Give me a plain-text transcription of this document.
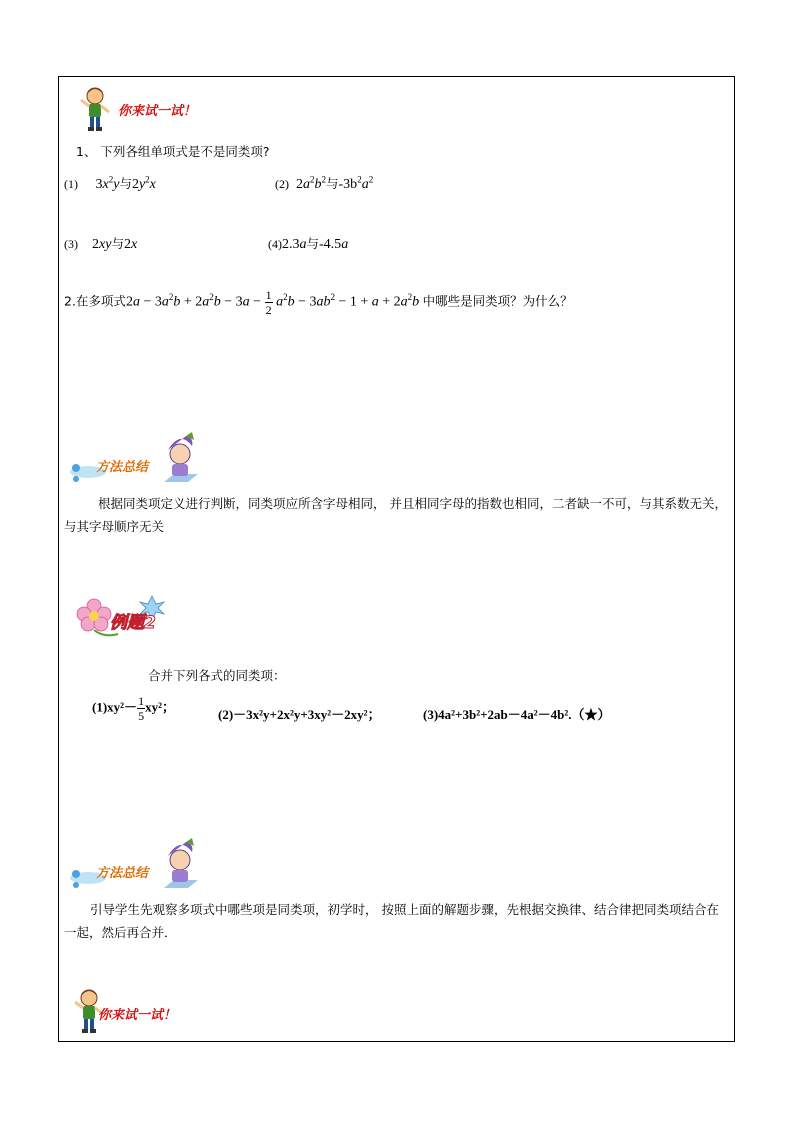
你来试一试！
1、 下列各组单项式是不是同类项?
(1)     $3x^2y$与$2y^2x$	(2)  $2a^2b^2$与$-3b^2a^2$
(3)    2xy与2x	(4)2.3a与-4.5a
2.在多项式$2a - 3a^2b + 2a^2b - 3a - \frac{1}{2} a^2b - 3ab^2 - 1 + a + 2a^2b$ 中哪些是同类项？为什么？
方法总结
根据同类项定义进行判断，同类项应所含字母相同， 并且相同字母的指数也相同，二者缺一不可，与其系数无关，与其字母顺序无关
例题2
合并下列各式的同类项：
$(1)xy^2- \frac{1}{5} xy^2$；
(2)－3x²y+2x²y+3xy²－2xy²；	(3)4a²+3b²+2ab－4a²－4b².（★）
方法总结
引导学生先观察多项式中哪些项是同类项，初学时， 按照上面的解题步骤，先根据交换律、结合律把同类项结合在一起，然后再合并．
你来试一试！
